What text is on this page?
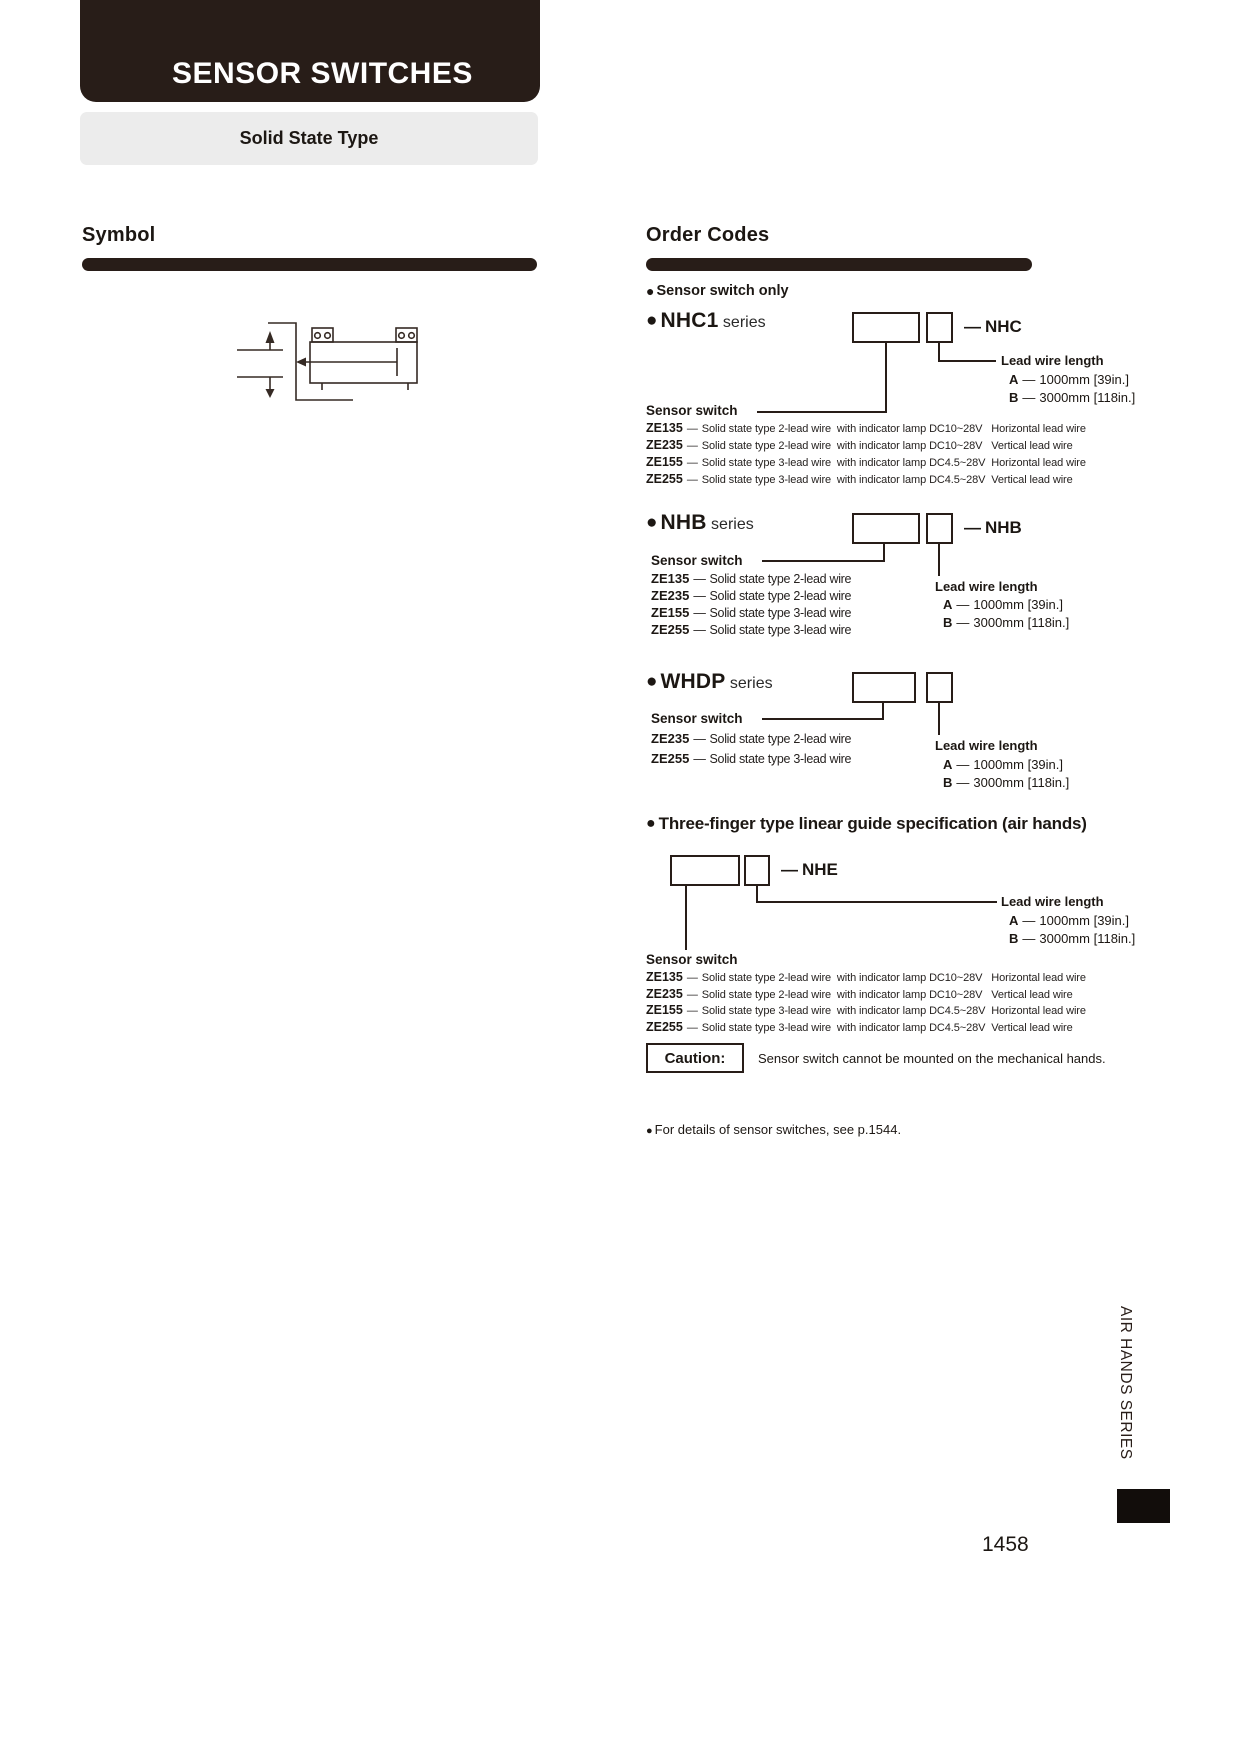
SENSOR SWITCHES
Solid State Type
Symbol	Order Codes
● Sensor switch only
● NHC1 series	— NHC
Lead wire length
A — 1000mm [39in.]
B — 3000mm [118in.]
Sensor switch
ZE135 — Solid state type 2-lead wire  with indicator lamp DC10~28V   Horizontal lead wire
ZE235 — Solid state type 2-lead wire  with indicator lamp DC10~28V   Vertical lead wire
ZE155 — Solid state type 3-lead wire  with indicator lamp DC4.5~28V  Horizontal lead wire
ZE255 — Solid state type 3-lead wire  with indicator lamp DC4.5~28V  Vertical lead wire
● NHB series	— NHB
Sensor switch
ZE135 — Solid state type 2-lead wire
ZE235 — Solid state type 2-lead wire
ZE155 — Solid state type 3-lead wire
ZE255 — Solid state type 3-lead wire
Lead wire length
A — 1000mm [39in.]
B — 3000mm [118in.]
● WHDP series
Sensor switch
ZE235 — Solid state type 2-lead wire
ZE255 — Solid state type 3-lead wire
Lead wire length
A — 1000mm [39in.]
B — 3000mm [118in.]
● Three-finger type linear guide specification (air hands)
— NHE
Lead wire length
A — 1000mm [39in.]
B — 3000mm [118in.]
Sensor switch
ZE135 — Solid state type 2-lead wire  with indicator lamp DC10~28V   Horizontal lead wire
ZE235 — Solid state type 2-lead wire  with indicator lamp DC10~28V   Vertical lead wire
ZE155 — Solid state type 3-lead wire  with indicator lamp DC4.5~28V  Horizontal lead wire
ZE255 — Solid state type 3-lead wire  with indicator lamp DC4.5~28V  Vertical lead wire
Caution:	Sensor switch cannot be mounted on the mechanical hands.
● For details of sensor switches, see p.1544.
AIR HANDS SERIES
1458
